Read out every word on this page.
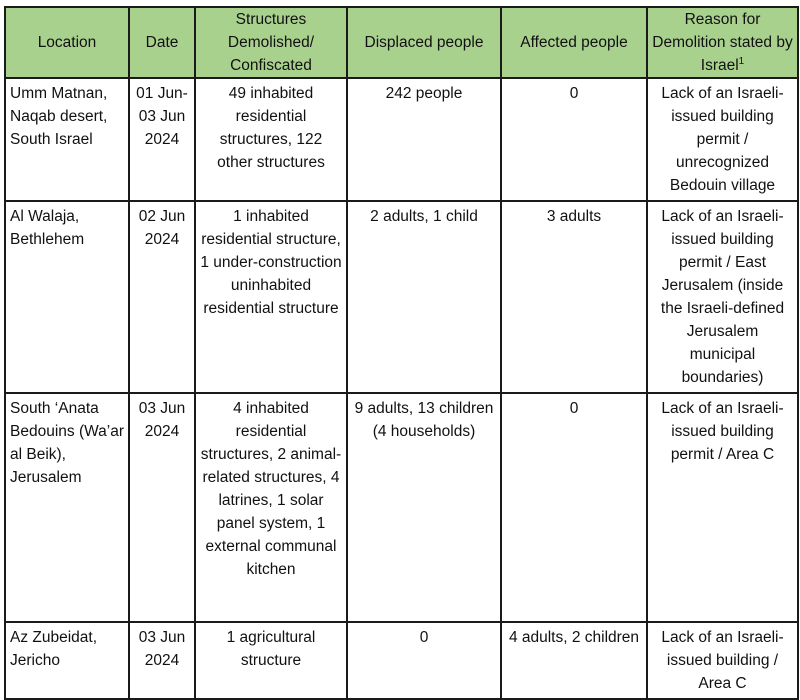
Location	Date	Structures Demolished/ Confiscated	Displaced people	Affected people	Reason for Demolition stated by Israel$^1$
Umm Matnan, Naqab desert, South Israel	01 Jun-03 Jun 2024	49 inhabited residential structures, 122 other structures	242 people	0	Lack of an Israeli-issued building permit / unrecognized Bedouin village
Al Walaja, Bethlehem	02 Jun 2024	1 inhabited residential structure, 1 under-construction uninhabited residential structure	2 adults, 1 child	3 adults	Lack of an Israeli-issued building permit / East Jerusalem (inside the Israeli-defined Jerusalem municipal boundaries)
South ‘Anata Bedouins (Wa’ar al Beik), Jerusalem	03 Jun 2024	4 inhabited residential structures, 2 animal-related structures, 4 latrines, 1 solar panel system, 1 external communal kitchen	9 adults, 13 children (4 households)	0	Lack of an Israeli-issued building permit / Area C
Az Zubeidat, Jericho	03 Jun 2024	1 agricultural structure	0	4 adults, 2 children	Lack of an Israeli-issued building / Area C
